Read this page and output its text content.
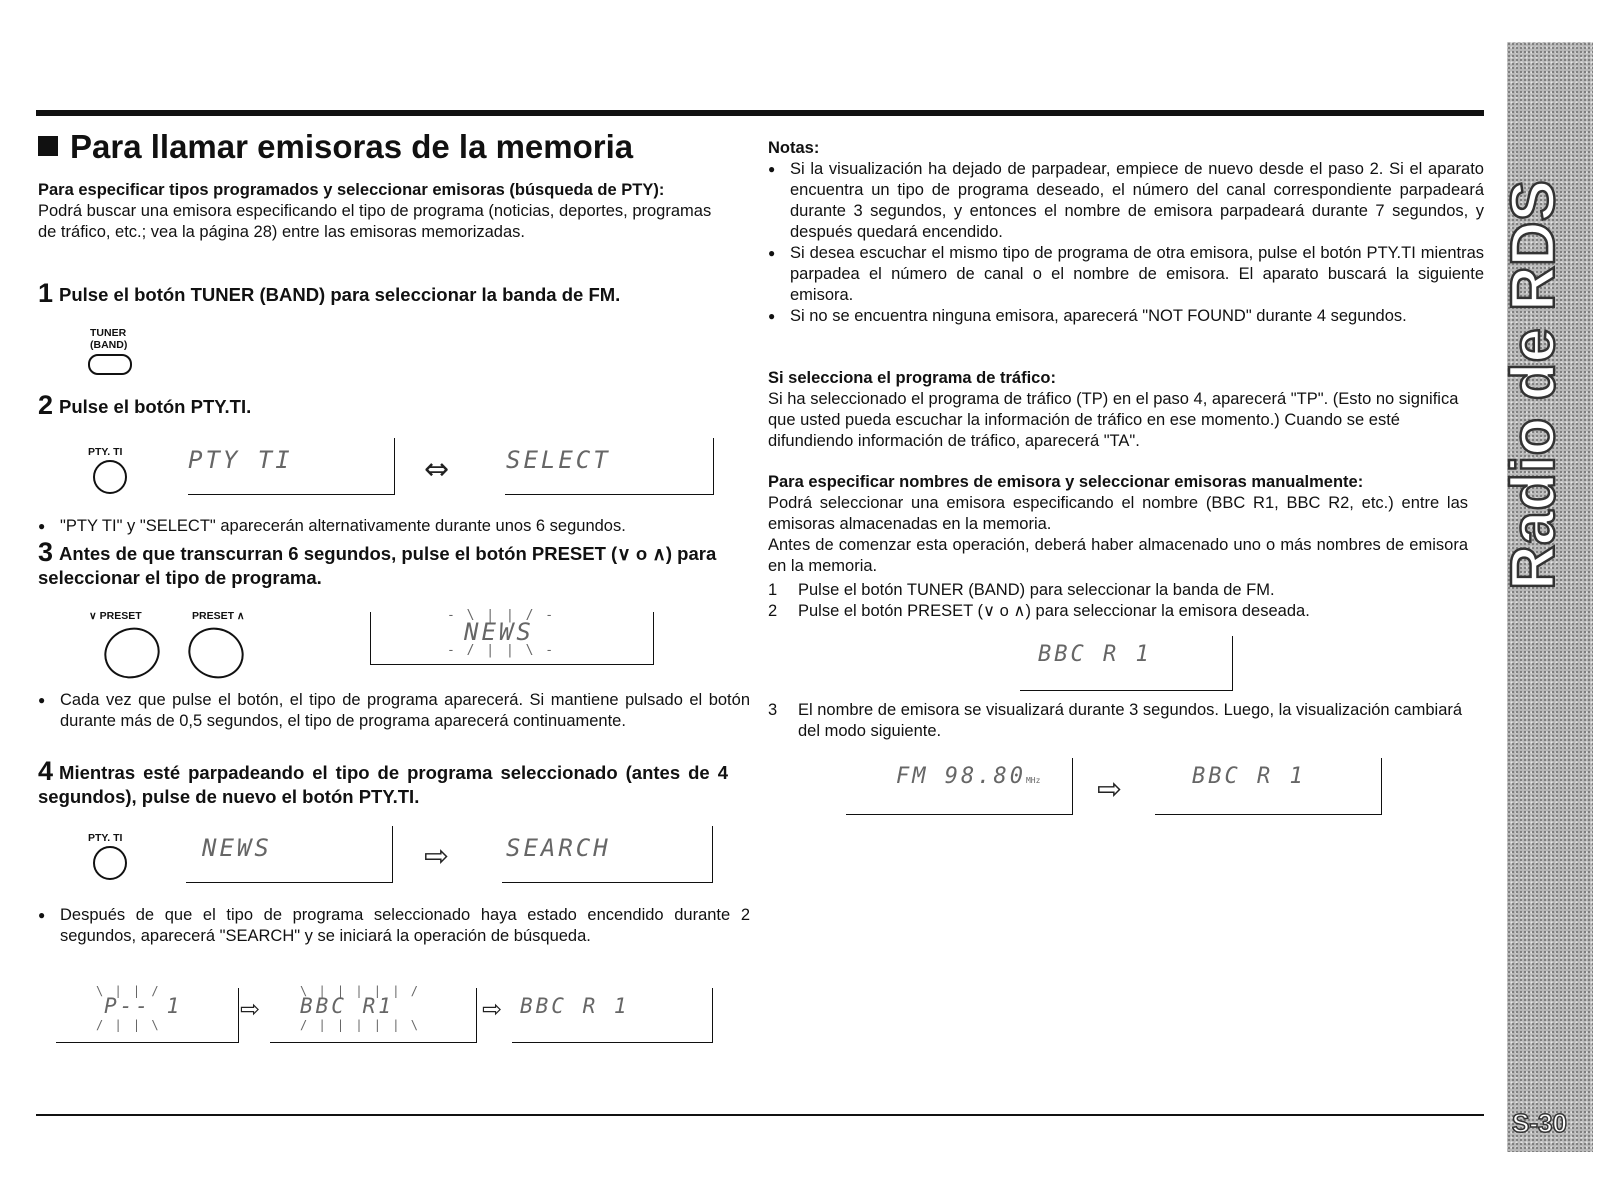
Para llamar emisoras de la memoria

Para especificar tipos programados y seleccionar emisoras (búsqueda de PTY):

Podrá buscar una emisora especificando el tipo de programa (noticias, deportes, programas de tráfico, etc.; vea la página 28) entre las emisoras memorizadas.

1 Pulse el botón TUNER (BAND) para seleccionar la banda de FM.
TUNER
(BAND)
2 Pulse el botón PTY.TI.
PTY. TI	PTY TI	⇔ SELECT
● "PTY TI" y "SELECT" aparecerán alternativamente durante unos 6 segundos.
3 Antes de que transcurran 6 segundos, pulse el botón PRESET (∨ o ∧) para seleccionar el tipo de programa.
∨ PRESET	PRESET ∧	- \ | | / -
NEWS
- / | | \ -
● Cada vez que pulse el botón, el tipo de programa aparecerá. Si mantiene pulsado el botón durante más de 0,5 segundos, el tipo de programa aparecerá continuamente.
4 Mientras esté parpadeando el tipo de programa seleccionado (antes de 4 segundos), pulse de nuevo el botón PTY.TI.
PTY. TI	NEWS	⇨ SEARCH
● Después de que el tipo de programa seleccionado haya estado encendido durante 2 segundos, aparecerá "SEARCH" y se iniciará la operación de búsqueda.
\ | | /
P-- 1
/ | | \
⇨
\ | | | | | /
BBC R1
/ | | | | | \
⇨ BBC R 1

Notas:

● Si la visualización ha dejado de parpadear, empiece de nuevo desde el paso 2. Si el aparato encuentra un tipo de programa deseado, el número del canal correspondiente parpadeará durante 3 segundos, y entonces el nombre de emisora parpadeará durante 7 segundos, y después quedará encendido.
● Si desea escuchar el mismo tipo de programa de otra emisora, pulse el botón PTY.TI mientras parpadea el número de canal o el nombre de emisora. El aparato buscará la siguiente emisora.
● Si no se encuentra ninguna emisora, aparecerá "NOT FOUND" durante 4 segundos.

Si selecciona el programa de tráfico:

Si ha seleccionado el programa de tráfico (TP) en el paso 4, aparecerá "TP". (Esto no significa que usted pueda escuchar la información de tráfico en ese momento.) Cuando se esté difundiendo información de tráfico, aparecerá "TA".

Para especificar nombres de emisora y seleccionar emisoras manualmente:

Podrá seleccionar una emisora especificando el nombre (BBC R1, BBC R2, etc.) entre las emisoras almacenadas en la memoria.

Antes de comenzar esta operación, deberá haber almacenado uno o más nombres de emisora en la memoria.

1 Pulse el botón TUNER (BAND) para seleccionar la banda de FM.
2 Pulse el botón PRESET (∨ o ∧) para seleccionar la emisora deseada.
BBC R 1
3	El nombre de emisora se visualizará durante 3 segundos. Luego, la visualización cambiará del modo siguiente.
FM 98.80MHz ⇨	BBC R 1
Radio de RDS
S-30
